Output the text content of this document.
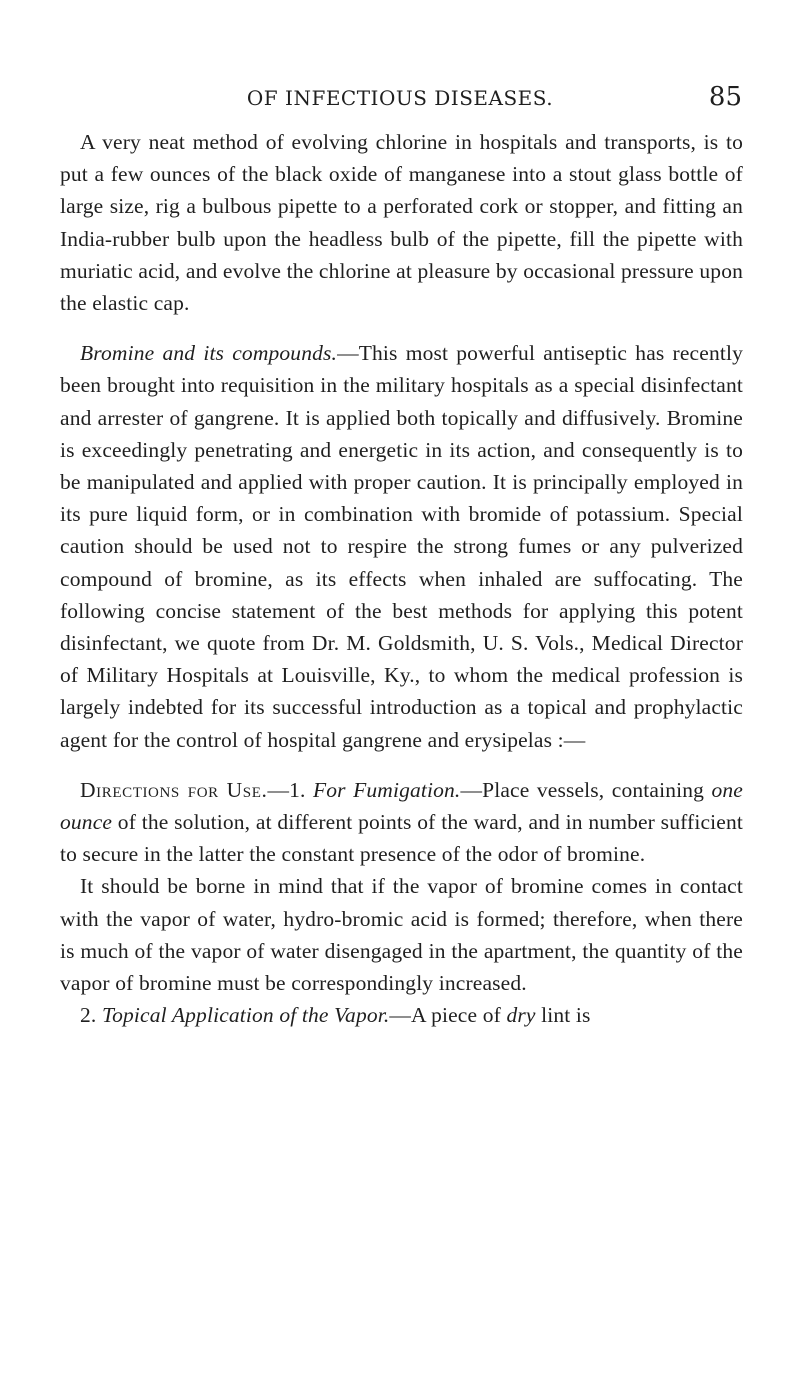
OF INFECTIOUS DISEASES.	85

A very neat method of evolving chlorine in hospitals and transports, is to put a few ounces of the black oxide of manganese into a stout glass bottle of large size, rig a bulbous pipette to a perforated cork or stopper, and fitting an India-rubber bulb upon the headless bulb of the pipette, fill the pipette with muriatic acid, and evolve the chlorine at pleasure by occasional pressure upon the elastic cap.

Bromine and its compounds.—This most powerful antiseptic has recently been brought into requisition in the military hospitals as a special disinfectant and arrester of gangrene. It is applied both topically and diffusively. Bromine is exceedingly penetrating and energetic in its action, and consequently is to be manipulated and applied with proper caution. It is principally employed in its pure liquid form, or in combination with bromide of potassium. Special caution should be used not to respire the strong fumes or any pulverized compound of bromine, as its effects when inhaled are suffocating. The following concise statement of the best methods for applying this potent disinfectant, we quote from Dr. M. Goldsmith, U. S. Vols., Medical Director of Military Hospitals at Louisville, Ky., to whom the medical profession is largely indebted for its successful introduction as a topical and prophylactic agent for the control of hospital gangrene and erysipelas :—

Directions for Use.—1. For Fumigation.—Place vessels, containing one ounce of the solution, at different points of the ward, and in number sufficient to secure in the latter the constant presence of the odor of bromine.

It should be borne in mind that if the vapor of bromine comes in contact with the vapor of water, hydro-bromic acid is formed; therefore, when there is much of the vapor of water disengaged in the apartment, the quantity of the vapor of bromine must be correspondingly increased.

2. Topical Application of the Vapor.—A piece of dry lint is
